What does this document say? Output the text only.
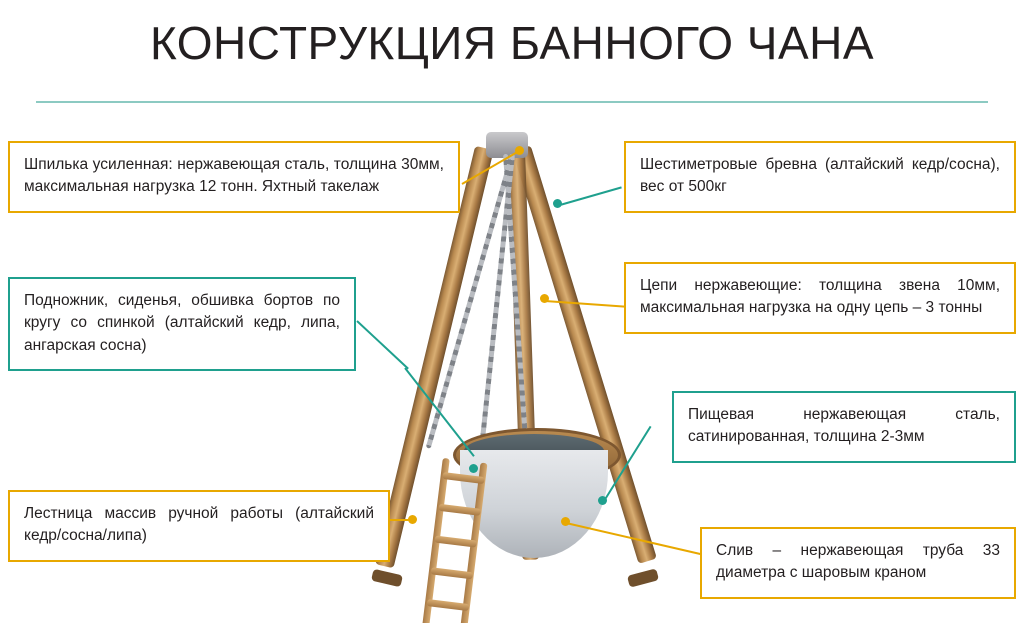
КОНСТРУКЦИЯ БАННОГО ЧАНА
Шпилька усиленная: нержавеющая сталь, толщина 30мм, максимальная нагрузка 12 тонн. Яхтный такелаж
Шестиметровые бревна (алтайский кедр/сосна), вес от 500кг
Подножник, сиденья, обшивка бортов по кругу со спинкой (алтайский кедр, липа, ангарская сосна)
Цепи нержавеющие: толщина звена 10мм, максимальная нагрузка на одну цепь – 3 тонны
Пищевая нержавеющая сталь, сатинированная, толщина 2-3мм
Лестница массив ручной работы (алтайский кедр/сосна/липа)
Слив – нержавеющая труба 33 диаметра с шаровым краном
